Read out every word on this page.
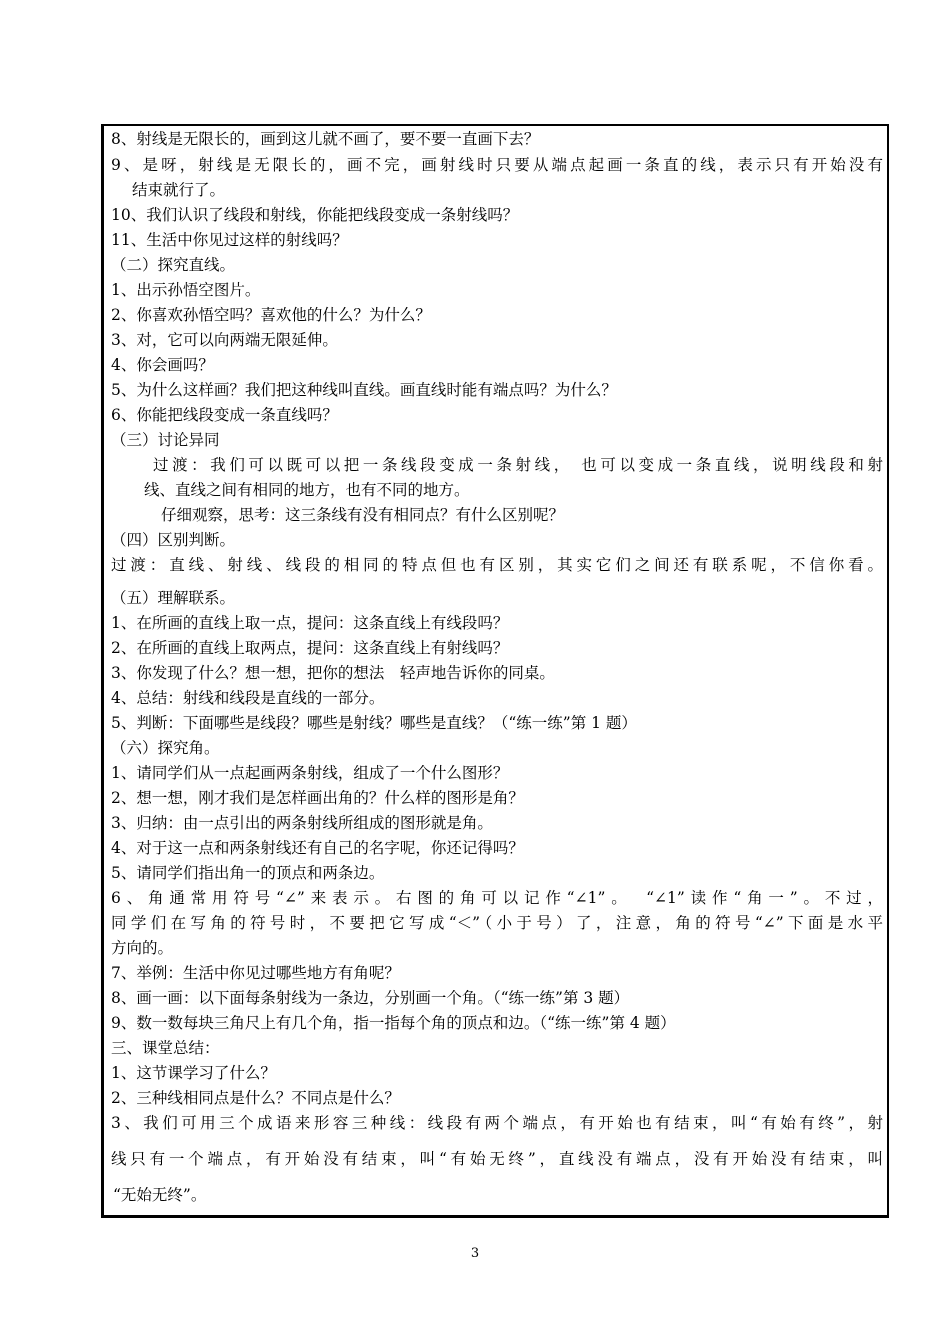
8、射线是无限长的，画到这儿就不画了，要不要一直画下去？
9、是呀，射线是无限长的，画不完，画射线时只要从端点起画一条直的线，表示只有开始没有
结束就行了。
10、我们认识了线段和射线，你能把线段变成一条射线吗？
11、生活中你见过这样的射线吗？
（二）探究直线。
1、出示孙悟空图片。
2、你喜欢孙悟空吗？喜欢他的什么？为什么？
3、对，它可以向两端无限延伸。
4、你会画吗？
5、为什么这样画？我们把这种线叫直线。画直线时能有端点吗？为什么？
6、你能把线段变成一条直线吗？
（三）讨论异同
过渡：我们可以既可以把一条线段变成一条射线， 也可以变成一条直线，说明线段和射
线、直线之间有相同的地方，也有不同的地方。
仔细观察，思考：这三条线有没有相同点？有什么区别呢？
（四）区别判断。
过渡：直线、射线、线段的相同的特点但也有区别，其实它们之间还有联系呢，不信你看。
（五）理解联系。
1、在所画的直线上取一点，提问：这条直线上有线段吗？
2、在所画的直线上取两点，提问：这条直线上有射线吗？
3、你发现了什么？想一想，把你的想法　轻声地告诉你的同桌。
4、总结：射线和线段是直线的一部分。
5、判断：下面哪些是线段？哪些是射线？哪些是直线？（“练一练”第 1 题）
（六）探究角。
1、请同学们从一点起画两条射线，组成了一个什么图形？
2、想一想，刚才我们是怎样画出角的？什么样的图形是角？
3、归纳：由一点引出的两条射线所组成的图形就是角。
4、对于这一点和两条射线还有自己的名字呢，你还记得吗？
5、请同学们指出角一的顶点和两条边。
6、角通常用符号“∠”来表示。右图的角可以记作“∠1”。　“∠1”读作“角一”。不过，
同学们在写角的符号时，不要把它写成“＜”（小于号）了，注意，角的符号“∠”下面是水平
方向的。
7、举例：生活中你见过哪些地方有角呢？
8、画一画：以下面每条射线为一条边，分别画一个角。（“练一练”第 3 题）
9、数一数每块三角尺上有几个角，指一指每个角的顶点和边。（“练一练”第 4 题）
三、课堂总结：
1、这节课学习了什么？
2、三种线相同点是什么？不同点是什么？
3、我们可用三个成语来形容三种线：线段有两个端点，有开始也有结束，叫“有始有终”，射
线只有一个端点，有开始没有结束，叫“有始无终”，直线没有端点，没有开始没有结束，叫
“无始无终”。
3
